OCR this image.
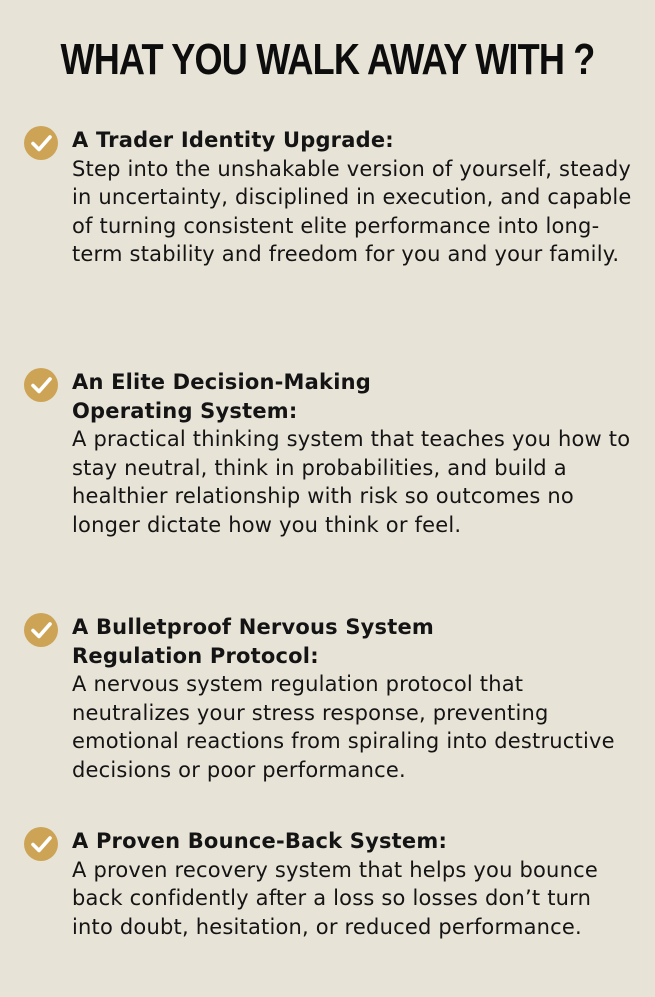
WHAT YOU WALK AWAY WITH ?
A Trader Identity Upgrade:
Step into the unshakable version of yourself, steady in uncertainty, disciplined in execution, and capable of turning consistent elite performance into long-term stability and freedom for you and your family.
An Elite Decision-Making Operating System:
A practical thinking system that teaches you how to stay neutral, think in probabilities, and build a healthier relationship with risk so outcomes no longer dictate how you think or feel.
A Bulletproof Nervous System Regulation Protocol:
A nervous system regulation protocol that neutralizes your stress response, preventing emotional reactions from spiraling into destructive decisions or poor performance.
A Proven Bounce-Back System:
A proven recovery system that helps you bounce back confidently after a loss so losses don’t turn into doubt, hesitation, or reduced performance.
